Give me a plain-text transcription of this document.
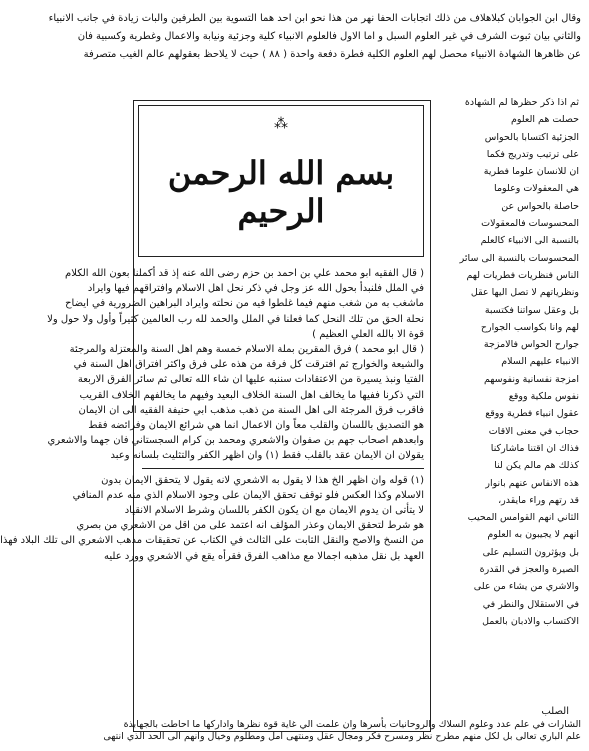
وقال ابن الجوابان كبلاهلاف من ذلك اتجابات الحفا نهر من هذا نحو ابن احد هما التسوية بين الطرفين والبات زيادة في جانب الانبياء
والثاني بيان ثبوت الشرف في غير العلوم السبل و اما الاول فالعلوم الانبياء كلية وجزئية ونيابة والاعمال وغطرية وكسبية فان
عن ظاهرها الشهادة الانبياء محصل لهم العلوم الكلية فطرة دفعة واحدة ( ٨٨ ) حيث لا يلاحظ بعقولهم عالم الغيب متصرفة
⁂
بسم الله الرحمن الرحيم
( قال الفقيه ابو محمد علي بن احمد بن حزم رضى الله عنه إذ قد أكملنا بعون الله الكلام
في الملل فلنبدأ بحول الله عز وجل في ذكر نحل اهل الاسلام وافتراقهم فيها وايراد
ماشغب به من شغب منهم فيما غلطوا فيه من نحلته وايراد البراهين الضرورية في ايضاح
نحلة الحق من تلك النحل كما فعلنا في الملل والحمد لله رب العالمين كثيراً وأول ولا حول ولا
قوة الا بالله العلي العظيم )
( قال ابو محمد ) فرق المقرين بملة الاسلام خمسة وهم اهل السنة والمعتزلة والمرجئة
والشيعة والخوارج ثم افترقت كل فرقة من هذه على فرق واكثر افتراق اهل السنة في
الفتيا ونبذ يسيرة من الاعتقادات سننبه عليها ان شاء الله تعالى ثم سائر الفرق الاربعة
التي ذكرنا ففيها ما يخالف اهل السنة الخلاف البعيد وفيهم ما يخالفهم الخلاف القريب
فاقرب فرق المرجئة الى اهل السنة من ذهب مذهب ابي حنيفة الفقيه الى ان الايمان
هو التصديق باللسان والقلب معاً وان الاعمال انما هي شرائع الايمان وفرائضه فقط
وابعدهم اصحاب جهم بن صفوان والاشعري ومحمد بن كرام السجستاني فان جهما والاشعري
يقولان ان الايمان عقد بالقلب فقط (١) وان اظهر الكفر والتثليث بلسانه وعبد
(١) قوله وان اظهر الخ هذا لا يقول به الاشعري لانه يقول لا يتحقق الايمان بدون
الاسلام وكذا العكس فلو توقف تحقق الايمان على وجود الاسلام الذي منه عدم المنافي
لا يتأتى ان يدوم الايمان مع ان يكون الكفر باللسان وشرط الاسلام الانقياد
هو شرط لتحقق الايمان وعذر المؤلف انه اعتمد على من اقل من الاشعري من بصري
من النسخ والاصح والنقل الثابت على الثالث في الكتاب عن تحقيقات مذهب الاشعري الى تلك البلاد فهذا
العهد بل نقل مذهبه اجمالا مع مذاهب الفرق فقرأه يقع في الاشعري وورد عليه
ثم اذا ذكر حظرها لم الشهادة
حصلت هم العلوم
الجزئية اكتسابا بالحواس
على ترتيب وتدريج فكما
ان للانسان علوما فطرية
هي المعقولات وعلوما
حاصلة بالحواس عن
المحسوسات فالمعقولات
بالنسبة الى الانبياء كالعلم
المحسوسات بالنسبة الى سائر
الناس فنظريات فطريات لهم
ونظرياتهم لا تصل اليها عقل
بل وعقل سواتنا فكتسبة
لهم وانا بكواسب الجوارح
جوارح الحواس فالامزجة
الانبياء عليهم السلام
امزجة نفسانية ونفوسهم
نفوس ملكية ووقع
عقول انبياء فطرية ووقع
حجاب في معنى الاقات
فذاك ان اقتنا ماشاركنا
كذلك هم مالم يكن لنا
هذه الانفاس عنهم بانوار
قد رتهم وراء مايقدر،
الثاني انهم القوامس المحيب
انهم لا يجيبون به العلوم
بل ويؤثرون التسليم على
الصيرة والعجز في القدرة
والاشري من يشاء من على
في الاستقلال والنطر في
الاكتساب والادبان بالعمل
الصلب
الشارات في علم عدد وعلوم السلاك والروحانيات بأسرها وان علمت الي غاية قوة نظرها واداركها ما احاطت بالجهابذة
علم الباري تعالى بل لكل منهم مطرح نظر ومسرح فكر ومجال عقل ومنتهى امل ومطلوم وخيال وانهم الى الحد الذي انتهى
